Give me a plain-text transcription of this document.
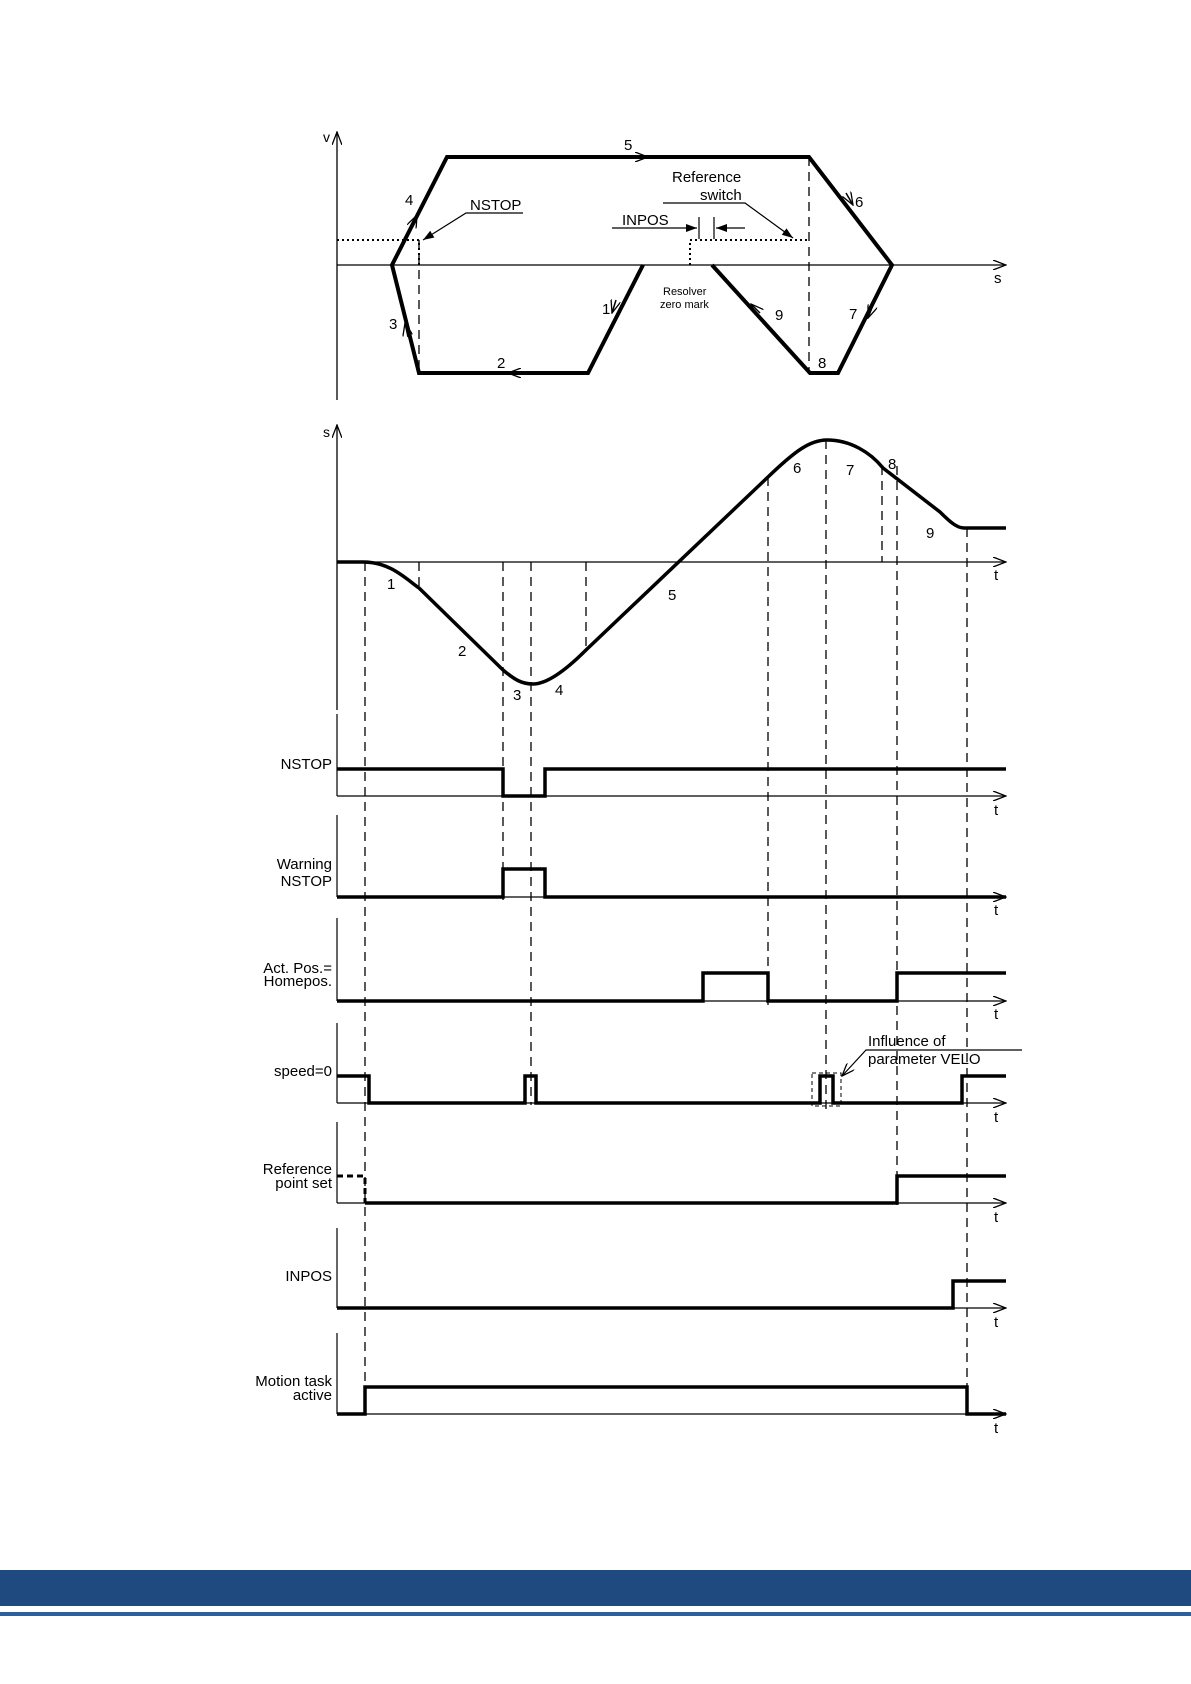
v
s
1
2
3
4
5
6
7
8
9
NSTOP
Reference
switch
INPOS
Resolver
zero mark
s
t
1
2
3 4
5
6	7 8
9
NSTOP
t
Warning
NSTOP
t
Act. Pos.=
Homepos.
t
speed=0
t
Influence of
parameter VELO
Reference
point set
t
INPOS
t
Motion task
active
t
